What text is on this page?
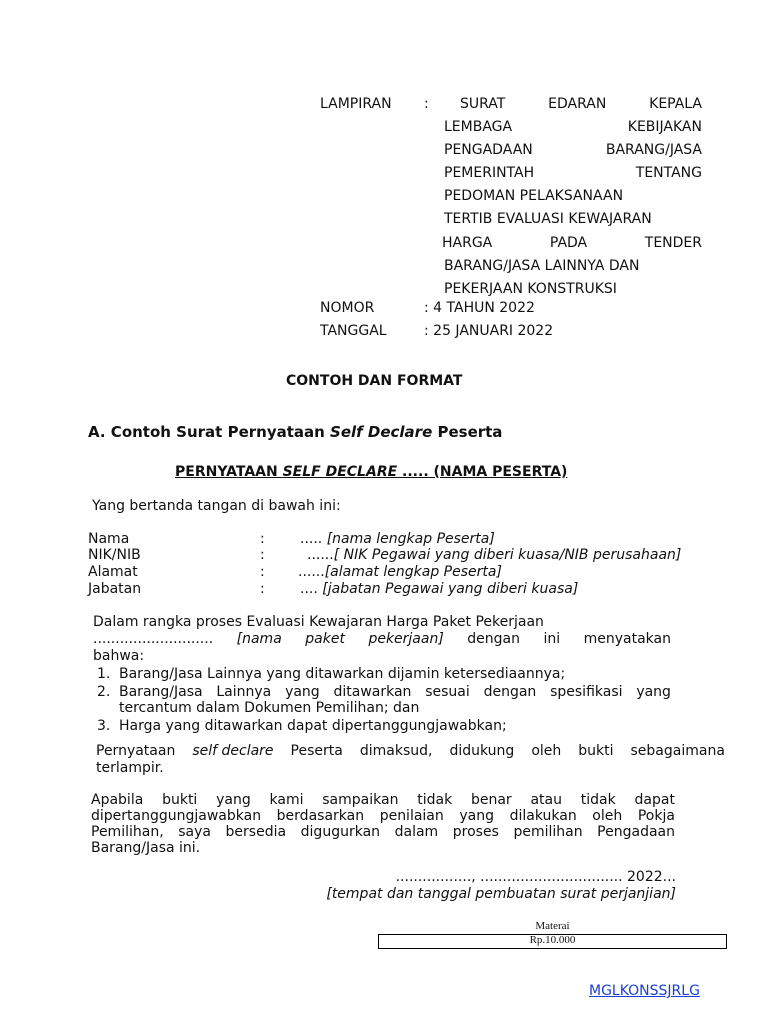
LAMPIRAN : SURAT	EDARAN	KEPALA
LEMBAGA	KEBIJAKAN
PENGADAAN	BARANG/JASA
PEMERINTAH	TENTANG
PEDOMAN PELAKSANAAN
TERTIB EVALUASI KEWAJARAN
HARGA	PADA	TENDER
BARANG/JASA LAINNYA DAN
PEKERJAAN KONSTRUKSI
NOMOR	: 4 TAHUN 2022
TANGGAL	: 25 JANUARI 2022
CONTOH DAN FORMAT
A. Contoh Surat Pernyataan Self Declare Peserta
PERNYATAAN SELF DECLARE ..... (NAMA PESERTA)
Yang bertanda tangan di bawah ini:
Nama	:	..... [nama lengkap Peserta]
NIK/NIB	:	......[ NIK Pegawai yang diberi kuasa/NIB perusahaan]
Alamat	: ......[alamat lengkap Peserta]
Jabatan	:	.... [jabatan Pegawai yang diberi kuasa]
Dalam rangka proses Evaluasi Kewajaran Harga Paket Pekerjaan
........................... [nama paket pekerjaan] dengan ini menyatakan
bahwa:
1. Barang/Jasa Lainnya yang ditawarkan dijamin ketersediaannya;
2. Barang/Jasa Lainnya yang ditawarkan sesuai dengan spesifikasi yang
tercantum dalam Dokumen Pemilihan; dan
3. Harga yang ditawarkan dapat dipertanggungjawabkan;
Pernyataan self declare Peserta dimaksud, didukung oleh bukti sebagaimana
terlampir.
Apabila bukti yang kami sampaikan tidak benar atau tidak dapat
dipertanggungjawabkan berdasarkan penilaian yang dilakukan oleh Pokja
Pemilihan, saya bersedia digugurkan dalam proses pemilihan Pengadaan
Barang/Jasa ini.
................., ................................ 2022...
[tempat dan tanggal pembuatan surat perjanjian]
Materai
Rp.10.000
MGLKONSSJRLG
